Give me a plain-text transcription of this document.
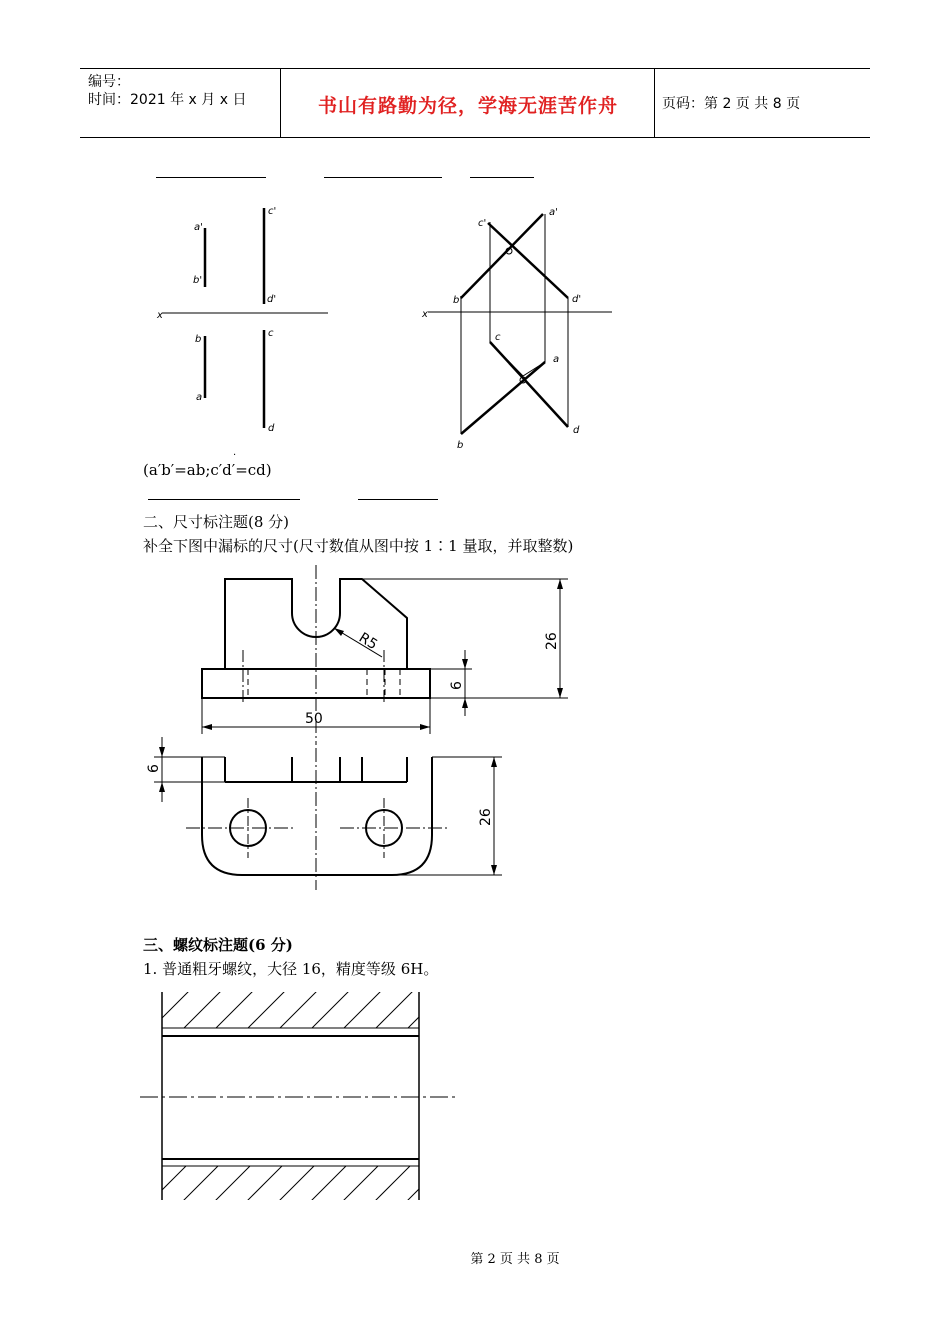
编号：
时间：2021 年 x 月 x 日	书山有路勤为径，学海无涯苦作舟	页码：第 2 页 共 8 页
a'
b'
c'
d'
x
b
a
c
d
c'
a'
b'	d'
x
c
a
b
d
·
(a′b′=ab;c′d′=cd)
二、尺寸标注题(8 分)
补全下图中漏标的尺寸(尺寸数值从图中按 1∶1 量取，并取整数)
R5	26
6
50
6
26
三、螺纹标注题(6 分)
1. 普通粗牙螺纹，大径 16，精度等级 6H。
第 2 页 共 8 页
